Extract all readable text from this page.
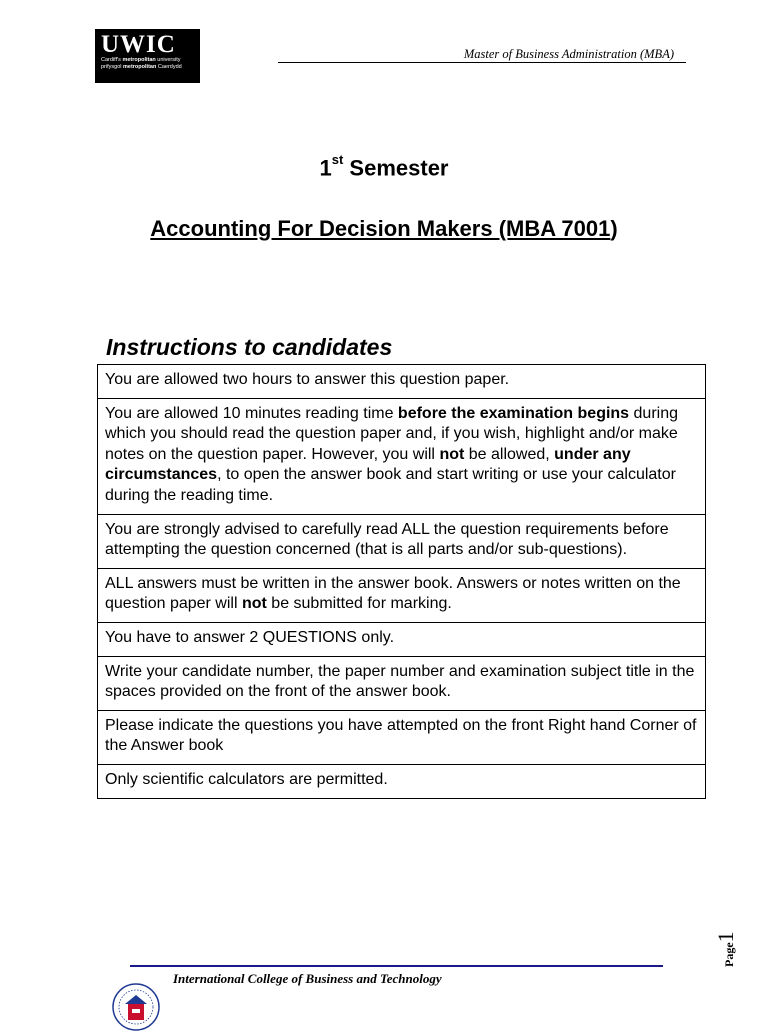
UWIC
Cardiff's metropolitan university
prifysgol metropolitan Caerdydd
Master of Business Administration (MBA)
1st Semester
Accounting For Decision Makers (MBA 7001)
Instructions to candidates
You are allowed two hours to answer this question paper.
You are allowed 10 minutes reading time before the examination begins during which you should read the question paper and, if you wish, highlight and/or make notes on the question paper. However, you will not be allowed, under any circumstances, to open the answer book and start writing or use your calculator during the reading time.
You are strongly advised to carefully read ALL the question requirements before attempting the question concerned (that is all parts and/or sub-questions).
ALL answers must be written in the answer book. Answers or notes written on the question paper will not be submitted for marking.
You have to answer 2 QUESTIONS only.
Write your candidate number, the paper number and examination subject title in the spaces provided on the front of the answer book.
Please indicate the questions you have attempted on the front Right hand Corner of the Answer book
Only scientific calculators are permitted.
Page1
International College of Business and Technology
